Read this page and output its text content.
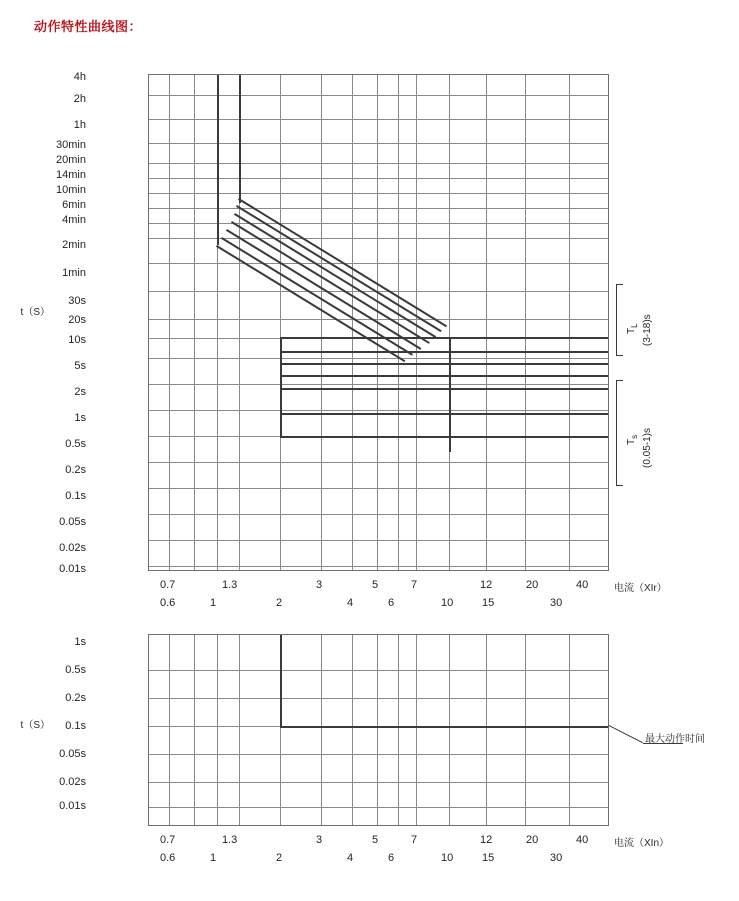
动作特性曲线图：
t（S）
4h
2h
1h
30min
20min
14min
10min
6min
4min
2min
1min
30s
20s
10s
5s
2s
1s
0.5s
0.2s
0.1s
0.05s
0.02s
0.01s
$T_L$ (3-18)s
$T_s$ (0.05-1)s
0.7	1.3	3	5	7	12	20	40
0.6	1	2	4	6	10	15	30
电流（XIr）
t（S）
1s
0.5s
0.2s
0.1s
0.05s
0.02s
0.01s
最大动作时间
0.7	1.3	3	5	7	12	20	40
0.6	1	2	4	6	10	15	30
电流（XIn）
